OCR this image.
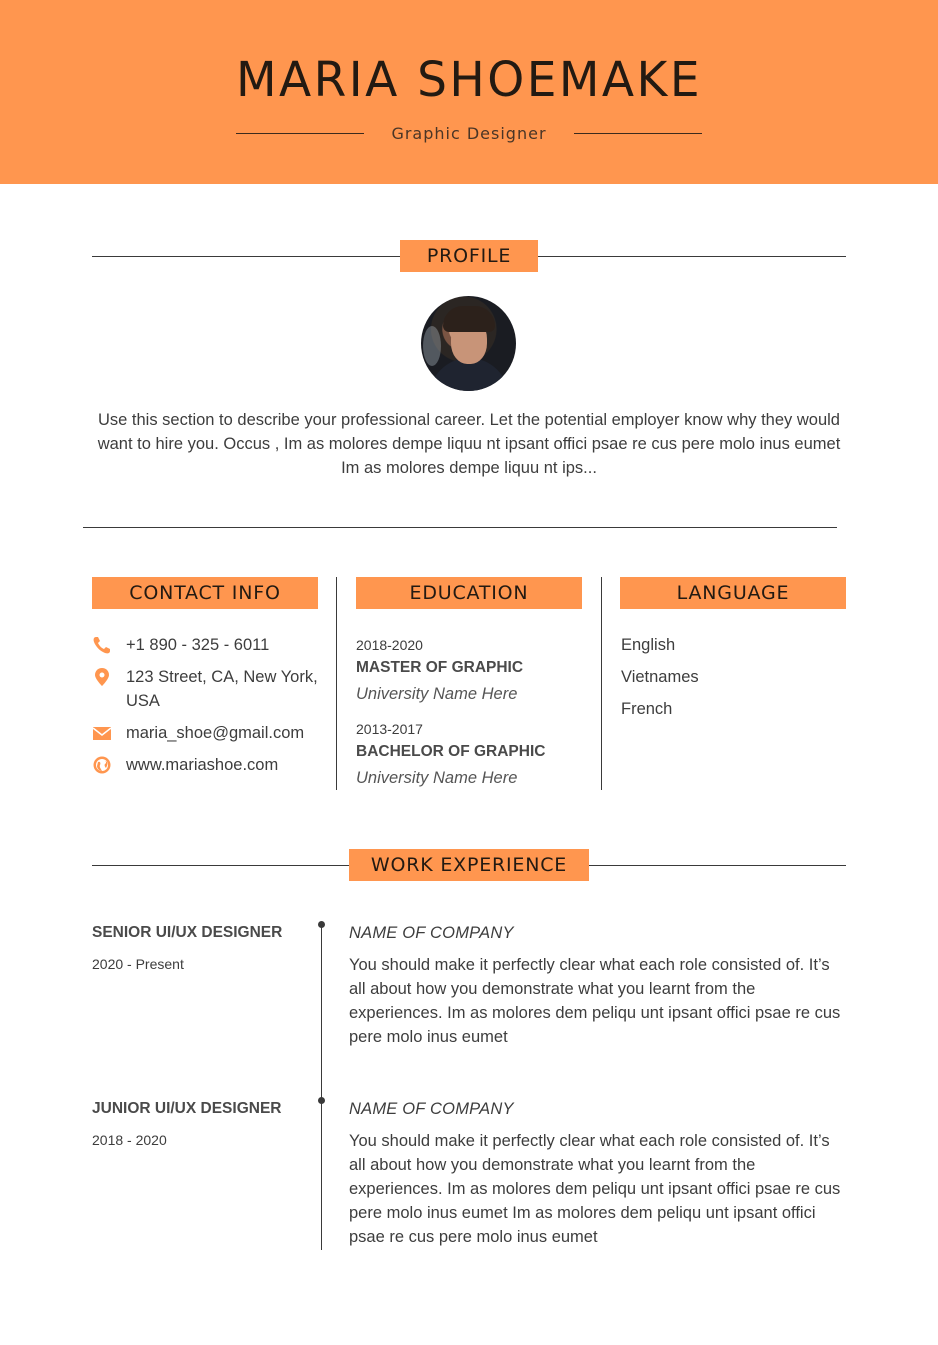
MARIA SHOEMAKE
Graphic Designer
PROFILE
Use this section to describe your professional career. Let the potential employer know why they would want to hire you. Occus , Im as molores dempe liquu nt ipsant offici psae re cus pere molo inus eumet Im as molores dempe liquu nt ips...
CONTACT INFO
+1 890 - 325 - 6011
123 Street, CA, New York, USA
maria_shoe@gmail.com
www.mariashoe.com
EDUCATION
2018-2020
MASTER OF GRAPHIC
University Name Here
2013-2017
BACHELOR OF GRAPHIC
University Name Here
LANGUAGE
English
Vietnames
French
WORK EXPERIENCE
SENIOR UI/UX DESIGNER
2020 - Present
NAME OF COMPANY
You should make it perfectly clear what each role consisted of. It’s all about how you demonstrate what you learnt from the experiences. Im as molores dem peliqu unt ipsant offici psae re cus pere molo inus eumet
JUNIOR UI/UX DESIGNER
2018 - 2020
NAME OF COMPANY
You should make it perfectly clear what each role consisted of. It’s all about how you demonstrate what you learnt from the experiences. Im as molores dem peliqu unt ipsant offici psae re cus pere molo inus eumet Im as molores dem peliqu unt ipsant offici psae re cus pere molo inus eumet
